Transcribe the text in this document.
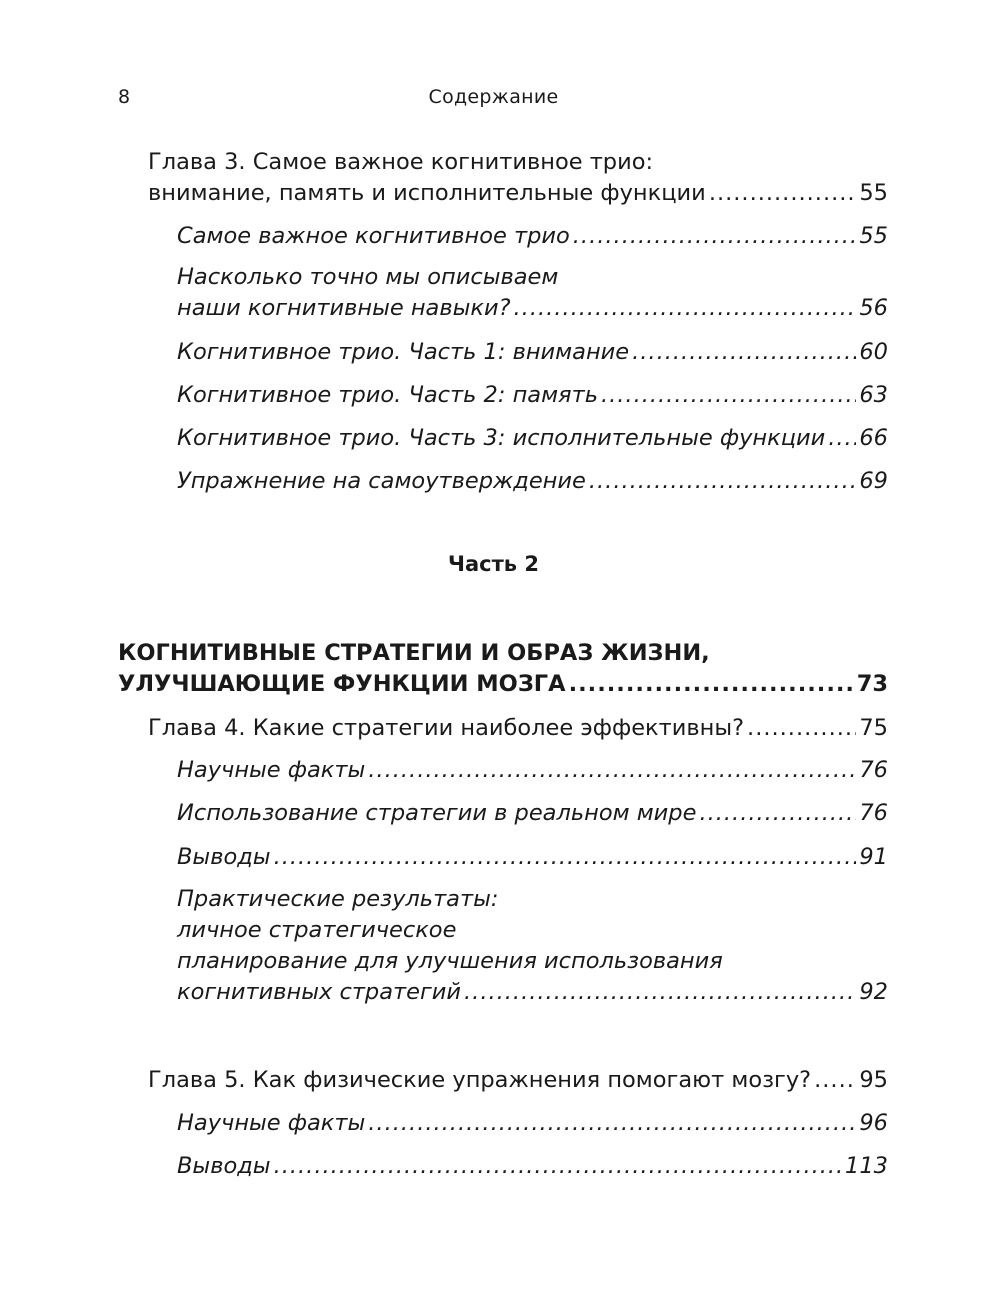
8	Содержание
Глава 3. Самое важное когнитивное трио:
внимание, память и исполнительные функции .....	55
Самое важное когнитивное трио .....	55
Насколько точно мы описываем
наши когнитивные навыки? .....	56
Когнитивное трио. Часть 1: внимание .....	60
Когнитивное трио. Часть 2: память .....	63
Когнитивное трио. Часть 3: исполнительные функции ..... 66
Упражнение на самоутверждение .....	69
Часть 2
КОГНИТИВНЫЕ СТРАТЕГИИ И ОБРАЗ ЖИЗНИ,
УЛУЧШАЮЩИЕ ФУНКЦИИ МОЗГА .....	73
Глава 4. Какие стратегии наиболее эффективны? .....	75
Научные факты .....	76
Использование стратегии в реальном мире .....	76
Выводы .....	91
Практические результаты:
личное стратегическое
планирование для улучшения использования
когнитивных стратегий .....	92
Глава 5. Как физические упражнения помогают мозгу? ..... 95
Научные факты .....	96
Выводы .....	113
